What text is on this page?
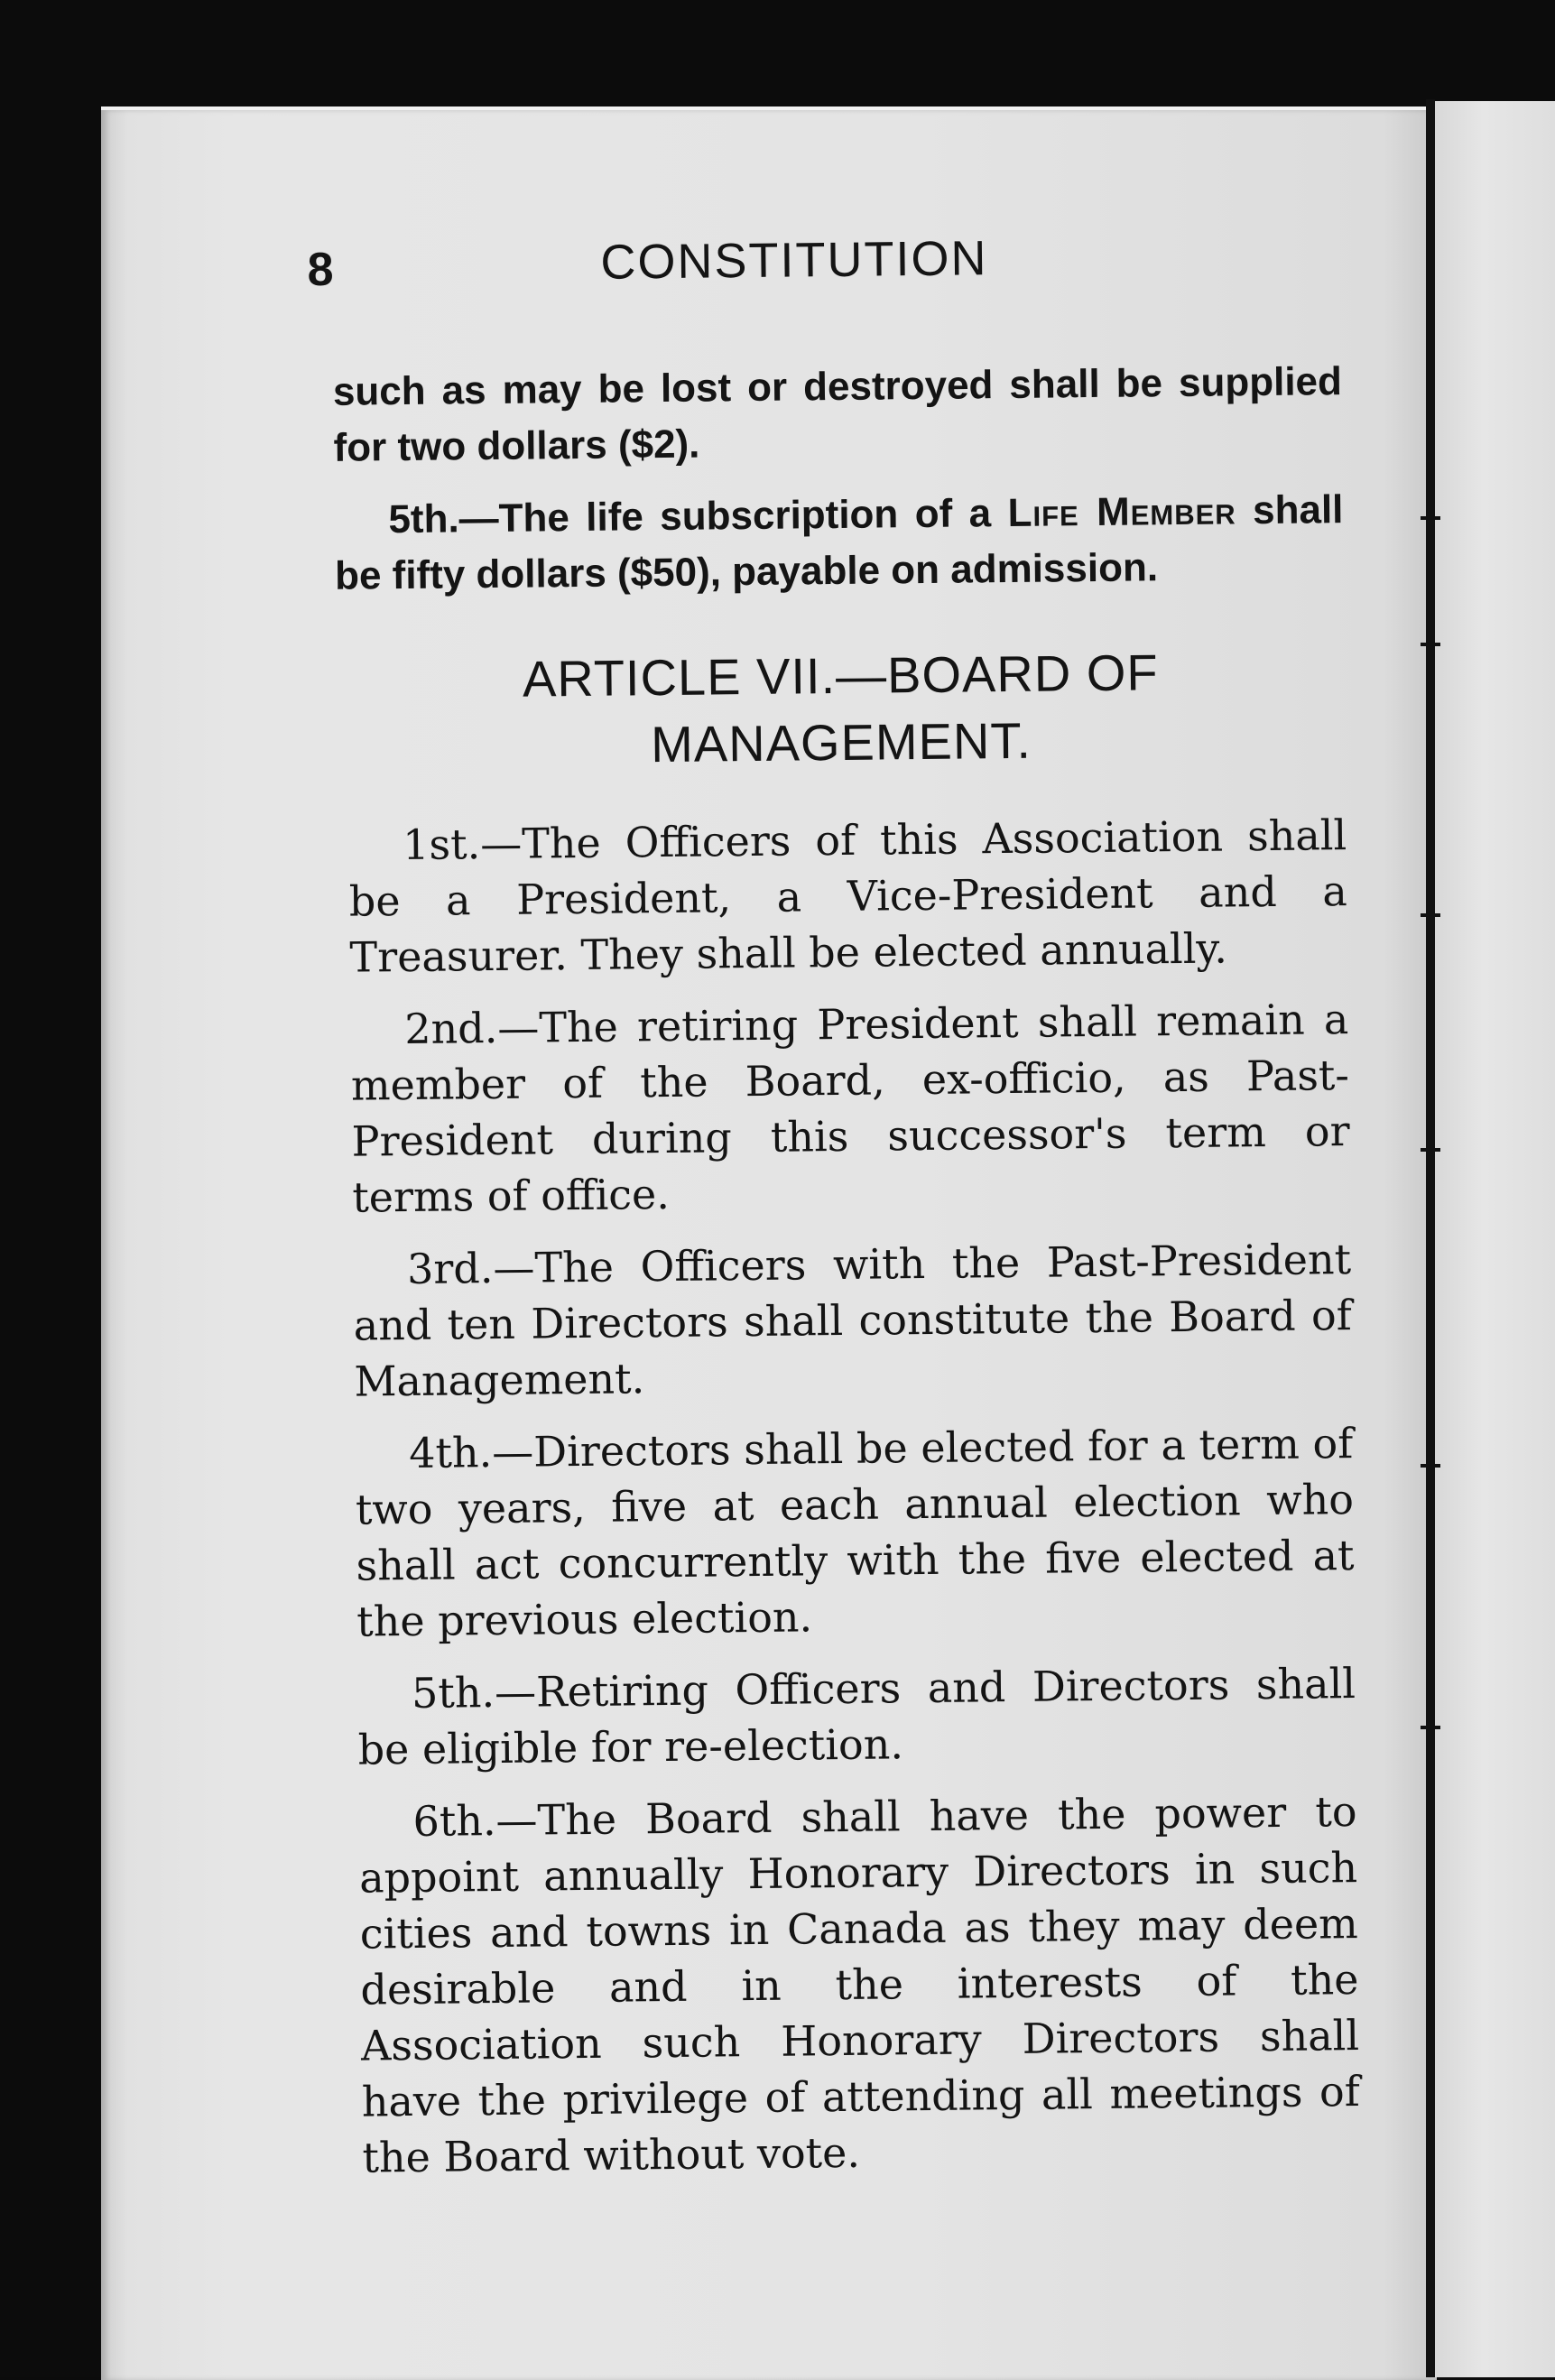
8	CONSTITUTION

such as may be lost or destroyed shall be supplied for two dollars ($2).

5th.—The life subscription of a Life Member shall be fifty dollars ($50), payable on admission.

ARTICLE VII.—BOARD OF MANAGEMENT.

1st.—The Officers of this Association shall be a President, a Vice-President and a Treasurer. They shall be elected annually.

2nd.—The retiring President shall remain a member of the Board, ex-officio, as Past-President during this successor's term or terms of office.

3rd.—The Officers with the Past-President and ten Directors shall constitute the Board of Management.

4th.—Directors shall be elected for a term of two years, five at each annual election who shall act concurrently with the five elected at the previous election.

5th.—Retiring Officers and Directors shall be eligible for re-election.

6th.—The Board shall have the power to appoint annually Honorary Directors in such cities and towns in Canada as they may deem desirable and in the interests of the Association such Honorary Directors shall have the privilege of attending all meetings of the Board without vote.
